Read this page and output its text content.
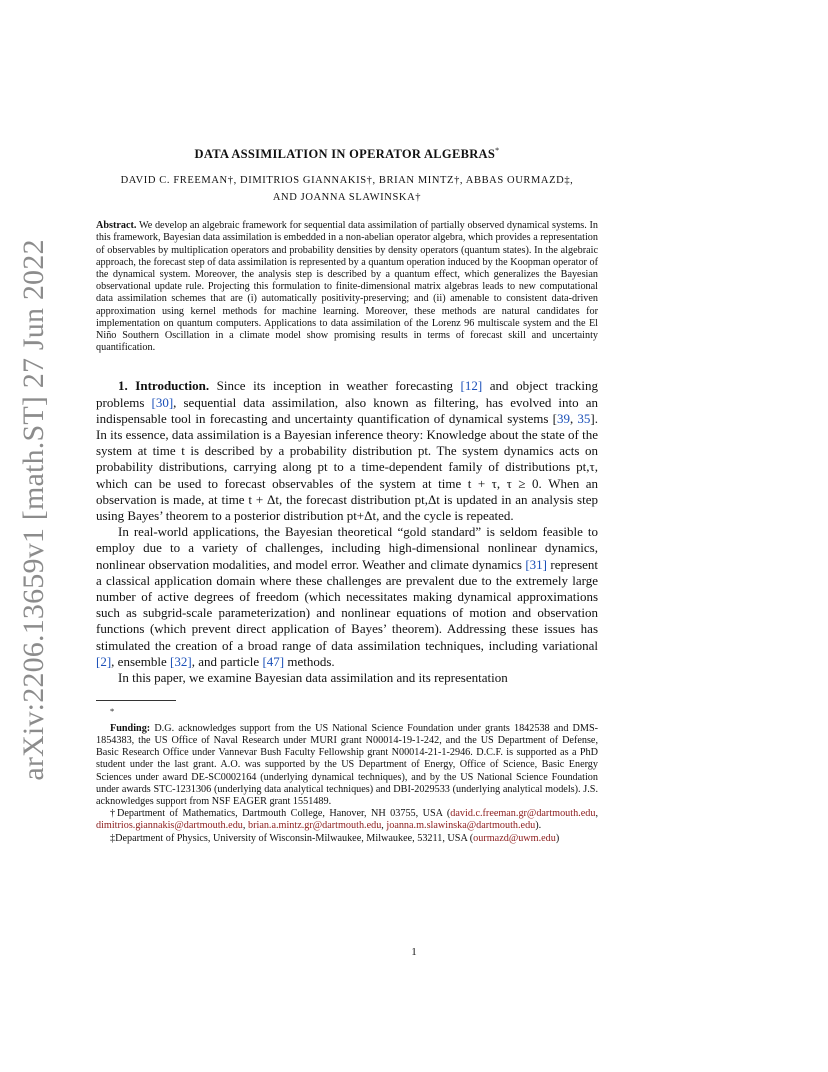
arXiv:2206.13659v1 [math.ST] 27 Jun 2022
DATA ASSIMILATION IN OPERATOR ALGEBRAS*
DAVID C. FREEMAN†, DIMITRIOS GIANNAKIS†, BRIAN MINTZ†, ABBAS OURMAZD‡,
AND JOANNA SLAWINSKA†
Abstract. We develop an algebraic framework for sequential data assimilation of partially observed dynamical systems. In this framework, Bayesian data assimilation is embedded in a non-abelian operator algebra, which provides a representation of observables by multiplication operators and probability densities by density operators (quantum states). In the algebraic approach, the forecast step of data assimilation is represented by a quantum operation induced by the Koopman operator of the dynamical system. Moreover, the analysis step is described by a quantum effect, which generalizes the Bayesian observational update rule. Projecting this formulation to finite-dimensional matrix algebras leads to new computational data assimilation schemes that are (i) automatically positivity-preserving; and (ii) amenable to consistent data-driven approximation using kernel methods for machine learning. Moreover, these methods are natural candidates for implementation on quantum computers. Applications to data assimilation of the Lorenz 96 multiscale system and the El Niño Southern Oscillation in a climate model show promising results in terms of forecast skill and uncertainty quantification.

1. Introduction. Since its inception in weather forecasting [12] and object tracking problems [30], sequential data assimilation, also known as filtering, has evolved into an indispensable tool in forecasting and uncertainty quantification of dynamical systems [39, 35]. In its essence, data assimilation is a Bayesian inference theory: Knowledge about the state of the system at time t is described by a probability distribution pt. The system dynamics acts on probability distributions, carrying along pt to a time-dependent family of distributions pt,τ, which can be used to forecast observables of the system at time t + τ, τ ≥ 0. When an observation is made, at time t + Δt, the forecast distribution pt,Δt is updated in an analysis step using Bayes’ theorem to a posterior distribution pt+Δt, and the cycle is repeated.

In real-world applications, the Bayesian theoretical “gold standard” is seldom feasible to employ due to a variety of challenges, including high-dimensional nonlinear dynamics, nonlinear observation modalities, and model error. Weather and climate dynamics [31] represent a classical application domain where these challenges are prevalent due to the extremely large number of active degrees of freedom (which necessitates making dynamical approximations such as subgrid-scale parameterization) and nonlinear equations of motion and observation functions (which prevent direct application of Bayes’ theorem). Addressing these issues has stimulated the creation of a broad range of data assimilation techniques, including variational [2], ensemble [32], and particle [47] methods.

In this paper, we examine Bayesian data assimilation and its representation

*

Funding: D.G. acknowledges support from the US National Science Foundation under grants 1842538 and DMS-1854383, the US Office of Naval Research under MURI grant N00014-19-1-242, and the US Department of Defense, Basic Research Office under Vannevar Bush Faculty Fellowship grant N00014-21-1-2946. D.C.F. is supported as a PhD student under the last grant. A.O. was supported by the US Department of Energy, Office of Science, Basic Energy Sciences under award DE-SC0002164 (underlying dynamical techniques), and by the US National Science Foundation under awards STC-1231306 (underlying data analytical techniques) and DBI-2029533 (underlying analytical models). J.S. acknowledges support from NSF EAGER grant 1551489.

†Department of Mathematics, Dartmouth College, Hanover, NH 03755, USA (david.c.freeman.gr@dartmouth.edu, dimitrios.giannakis@dartmouth.edu, brian.a.mintz.gr@dartmouth.edu, joanna.m.slawinska@dartmouth.edu).

‡Department of Physics, University of Wisconsin-Milwaukee, Milwaukee, 53211, USA (ourmazd@uwm.edu)

1
